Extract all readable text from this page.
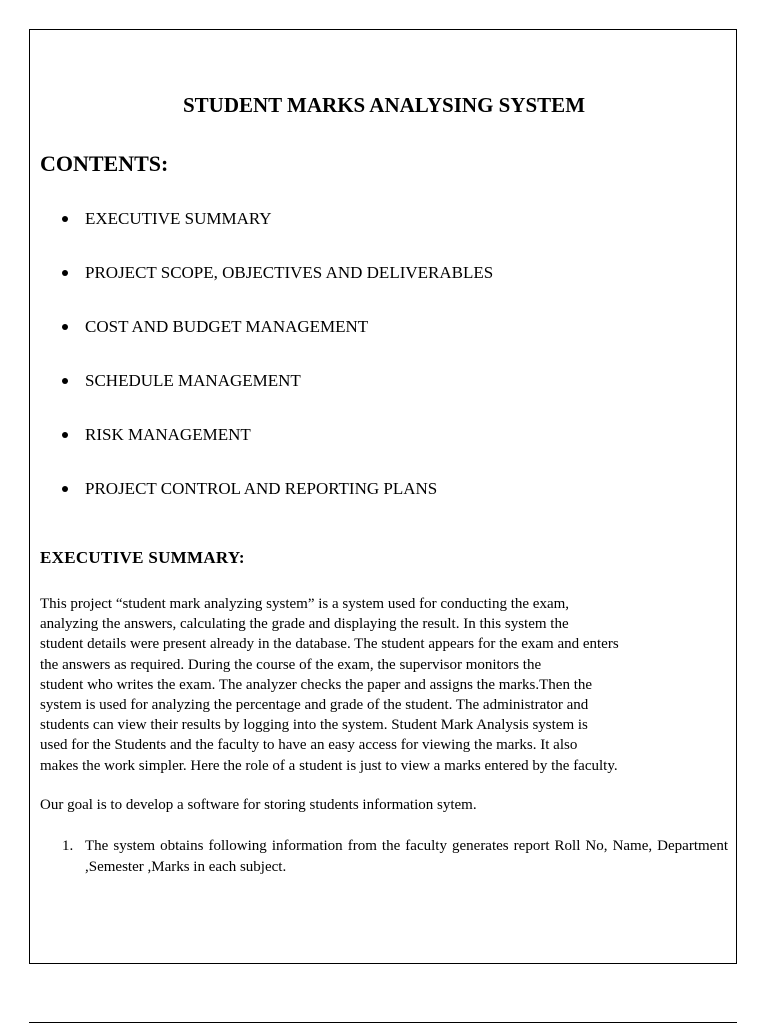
STUDENT MARKS ANALYSING SYSTEM
CONTENTS:
EXECUTIVE SUMMARY
PROJECT SCOPE, OBJECTIVES AND DELIVERABLES
COST AND BUDGET MANAGEMENT
SCHEDULE MANAGEMENT
RISK MANAGEMENT
PROJECT CONTROL AND REPORTING PLANS
EXECUTIVE SUMMARY:
This project “student mark analyzing system” is a system used for conducting the exam,
analyzing the answers, calculating the grade and displaying the result. In this system the
student details were present already in the database. The student appears for the exam and enters
the answers as required. During the course of the exam, the supervisor monitors the
student who writes the exam. The analyzer checks the paper and assigns the marks.Then the
system is used for analyzing the percentage and grade of the student. The administrator and
students can view their results by logging into the system. Student Mark Analysis system is
used for the Students and the faculty to have an easy access for viewing the marks. It also
makes the work simpler. Here the role of a student is just to view a marks entered by the faculty.

Our goal is to develop a software for storing students information sytem.

1. The system obtains following information from the faculty generates report Roll No, Name, Department ,Semester ,Marks in each subject.
